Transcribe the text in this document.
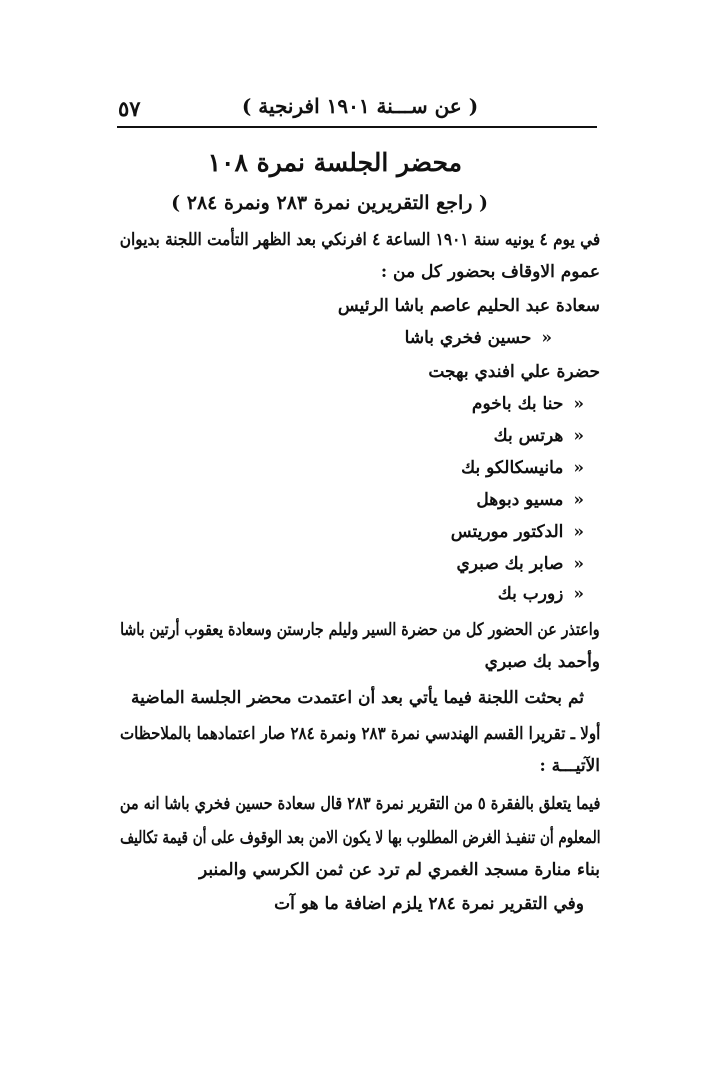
٥٧	( عن ســـنة ١٩٠١ افرنجية )
محضر الجلسة نمرة ١٠٨
( راجع التقريرين نمرة ٢٨٣ ونمرة ٢٨٤ )
في يوم ٤ يونيه سنة ١٩٠١ الساعة ٤ افرنكي بعد الظهر التأمت اللجنة بديوان
عموم الاوقاف بحضور كل من :
سعادة عبد الحليم عاصم باشا الرئيس
«حسين فخري باشا
حضرة علي افندي بهجت
«حنا بك باخوم
«هرتس بك
«مانيسكالكو بك
«مسيو دبوهل
«الدكتور موريتس
«صابر بك صبري
«زورب بك
واعتذر عن الحضور كل من حضرة السير وليلم جارستن وسعادة يعقوب أرتين باشا
وأحمد بك صبري
ثم بحثت اللجنة فيما يأتي بعد أن اعتمدت محضر الجلسة الماضية
أولا ـ تقريرا القسم الهندسي نمرة ٢٨٣ ونمرة ٢٨٤ صار اعتمادهما بالملاحظات
الآتيـــة :
فيما يتعلق بالفقرة ٥ من التقرير نمرة ٢٨٣ قال سعادة حسين فخري باشا انه من
المعلوم أن تنفيـذ الغرض المطلوب بها لا يكون الامن بعد الوقوف على أن قيمة تكاليف
بناء منارة مسجد الغمري لم ترد عن ثمن الكرسي والمنبر
وفي التقرير نمرة ٢٨٤ يلزم اضافة ما هو آت
